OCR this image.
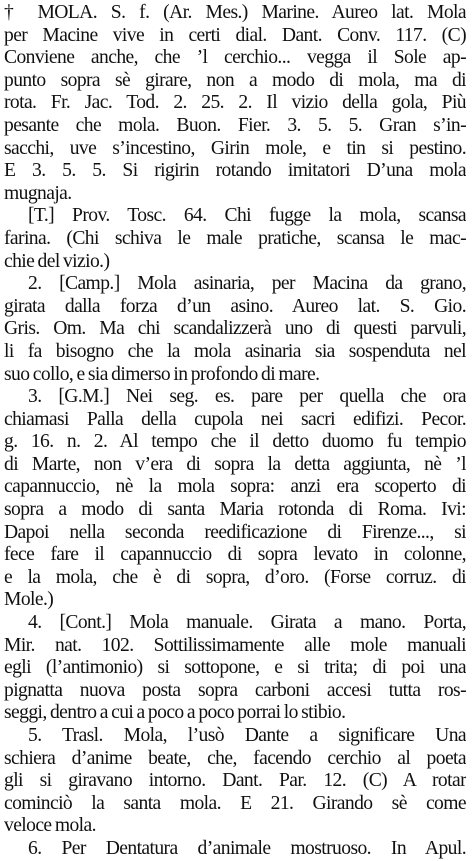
† MOLA. S. f. (Ar. Mes.) Marine. Aureo lat. Mola
per Macine vive in certi dial. Dant. Conv. 117. (C)
Conviene anche, che ’l cerchio... vegga il Sole ap-
punto sopra sè girare, non a modo di mola, ma di
rota. Fr. Jac. Tod. 2. 25. 2. Il vizio della gola, Più
pesante che mola. Buon. Fier. 3. 5. 5. Gran s’in-
sacchi, uve s’incestino, Girin mole, e tin si pestino.
E 3. 5. 5. Si rigirin rotando imitatori D’una mola
mugnaja.
[T.] Prov. Tosc. 64. Chi fugge la mola, scansa
farina. (Chi schiva le male pratiche, scansa le mac-
chie del vizio.)
2. [Camp.] Mola asinaria, per Macina da grano,
girata dalla forza d’un asino. Aureo lat. S. Gio.
Gris. Om. Ma chi scandalizzerà uno di questi parvuli,
li fa bisogno che la mola asinaria sia sospenduta nel
suo collo, e sia dimerso in profondo di mare.
3. [G.M.] Nei seg. es. pare per quella che ora
chiamasi Palla della cupola nei sacri edifizi. Pecor.
g. 16. n. 2. Al tempo che il detto duomo fu tempio
di Marte, non v’era di sopra la detta aggiunta, nè ’l
capannuccio, nè la mola sopra: anzi era scoperto di
sopra a modo di santa Maria rotonda di Roma. Ivi:
Dapoi nella seconda reedificazione di Firenze..., si
fece fare il capannuccio di sopra levato in colonne,
e la mola, che è di sopra, d’oro. (Forse corruz. di
Mole.)
4. [Cont.] Mola manuale. Girata a mano. Porta,
Mir. nat. 102. Sottilissimamente alle mole manuali
egli (l’antimonio) si sottopone, e si trita; di poi una
pignatta nuova posta sopra carboni accesi tutta ros-
seggi, dentro a cui a poco a poco porrai lo stibio.
5. Trasl. Mola, l’usò Dante a significare Una
schiera d’anime beate, che, facendo cerchio al poeta
gli si giravano intorno. Dant. Par. 12. (C) A rotar
cominciò la santa mola. E 21. Girando sè come
veloce mola.
6. Per Dentatura d’animale mostruoso. In Apul.
